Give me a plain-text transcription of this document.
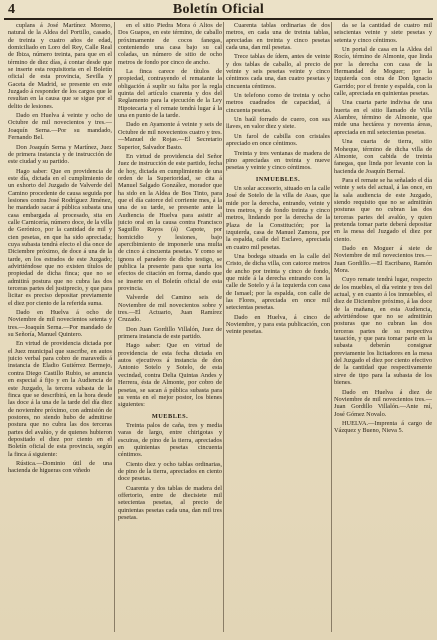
4	Boletín Oficial

cuplans á José Martínez Moreno, natural de la Aldea del Portillo, casado, de treinta y cuatro años de edad, domiciliado en Loro del Rey, Calle Real de Ibiza, número treinta, para que en el término de diez días, á contar desde que se inserte esta requisitoria en el Boletín oficial de esta provincia, Sevilla y Gaceta de Madrid, se presente en este Juzgado á responder de los cargos que le resultan en la causa que se sigue por el delito de lesiones.

Dado en Huelva á veinte y ocho de Octubre de mil novecientos y tres.—Joaquín Serna.—Por su mandado, Fernando Bel.

Don Joaquín Serna y Martínez, Juez de primera instancia y de instrucción de este ciudad y su partido.

Hago saber: Que en providencia de este día, dictada en el cumplimiento de un exhorto del Juzgado de Valverde del Camino procedente de causa seguida por lesiones contra José Rodríguez Jiménez, he mandado sacar á pública subasta una casa embargada al procesado, sita en calle Carnicería, número doce, de la villa de Gerónico, por la cantidad de mil y cien pesetas, en que ha sido apreciada; cuya subasta tendrá efecto el día once de Diciembre próximo, de doce á una de la tarde, en los estrados de este Juzgado; advirtiéndose que no existen títulos de propiedad de dicha finca; que no se admitirá postura que no cubra las dos terceras partes del justiprecio, y que para licitar es preciso depositar previamente el diez por ciento de la referida suma.

Dado en Huelva á ocho de Noviembre de mil novecientos setenta y tres.—Joaquín Serna.—Por mandado de su Señoría, Manuel Quintero.

En virtud de providencia dictada por el Juez municipal que suscribe, en autos juicio verbal para cobro de maravedís á instancia de Eladio Gutiérrez Bermejo, contra Diego Castillo Rubio, se anuncia en especial á fijo y en la Audiencia de este Juzgado, la tercera subasta de la finca que se describirá, en la hora desde las doce á la una de la tarde del día diez de noviembre próximo, con admisión de postores, no siendo hubo de admitirse postura que no cubra las dos terceras partes del avalúo, y de quienes hubieron depositado el diez por ciento en el Boletín oficial de esta provincia, según la finca á siguiente:

Rústica.—Dominio útil de una hacienda de higueras con viñedo

en el sitio Piedra Mora ó Altos de Dos Guapos, en este término, de caballo próximamente de cocos fanegas, conteniendo una casa bajo su cal coladas, un número de sitio de ocho metros de fondo por cinco de ancho.

La finca carece de títulos de propiedad, contrayendo el rematante la obligación á suplir su falta por la regla quinta del artículo cuarenta y dos del Reglamento para la ejecución de la Ley Hipotecaria y el remate tendrá lugar á la una en punto de la tarde.

Dado en Ayamonte á veinte y seis de Octubre de mil novecientos cuatro y tres.—Manuel de Rojas.—El Secretario Superior, Salvador Basto.

En virtud de providencia del Señor Juez de instrucción de este partido, fecha de hoy, dictada en cumplimiento de una orden de la Superioridad, se cita á Manuel Salgado González, morador que ha sido en la Aldea de Bos Tinto, para que el día catorce del corriente mes, á la una de su tarde, se presente ante la Audiencia de Huelva para asistir al juicio oral en la causa contra Francisco Saguillo Rayos (á) Capote, por homicidio y lesiones, bajo apercibimiento de imponerle una multa de cinco á cincuenta pesetas. Y como se ignora el paradero de dicho testigo, se publica la presente para que surta los efectos de citación en forma, dando que se inserte en el Boletín oficial de esta provincia.

Valverde del Camino seis de Noviembre de mil novecientos sobre y tres.—El Actuario, Juan Ramírez Cruzado.

Don Juan Gordillo Villalón, Juez de primera instancia de este partido.

Hago saber: Que en virtud de providencia de esta fecha dictada en autos ejecutivos á instancia de don Antonio Sotelo y Sotelo, de esta vecindad, contra Delia Quintas Andes y Herrera, ésta de Almonte, por cobro de pesetas, se sacan á pública subasta para su venta en el mejor postor, los bienes siguientes:

MUEBLES.

Treinta palos de caña, tres y media varas de largo, entre chirigotas y escuiras, de pino de la tierra, apreciados en quinientas pesetas cincuenta céntimos.

Ciento diez y ocho tablas ordinarias, de pino de la tierra, apreciados en ciento doce pesetas.

Cuarenta y dos tablas de madera del offertorio, entre de diecisiete mil setecientas pesetas, al precio de quinientas pesetas cada una, dan mil tres pesetas.

Cuarenta tablas ordinarias de dos metros, en cada una de treinta tablas, apreciadas en treinta y cinco pesetas cada una, dan mil pesetas.

Trece tablas de ídem, antes de veinte y dos tablas de caballo, al precio de veinte y seis pesetas veinte y cinco céntimos cada una, dan cuatro pesetas y cincuenta céntimos.

Un telefono como de treinta y ocho metros cuadrados de capacidad, á cincuenta pesetas.

Un baúl forrado de cuero, con sus llaves, en valor diez y siete.

Un farol de cabilla con cristales apreciado en once céntimos.

Treinta y tres ventanas de madera de pino apreciadas en treinta y nueve pesetas y veinte y cinco céntimos.

INMUEBLES.

Un solar accesorio, situado en la calle José de Sotelo de la villa de Asas, que mide por la derecha, entrando, veinte y tres metros, y de fondo treinta y cinco metros, lindando por la derecha de la Plaza de la Constitución; por la izquierda, casa de Manuel Zamora, por la espalda, calle del Esclavo, apreciada en cuatro mil pesetas.

Una bodega situada en la calle del Cristo, de dicha villa, con catorce metros de ancho por treinta y cinco de fondo, que mide á la derecha entrando con la calle de Sotelo y á la izquierda con casa de Ismael; por la espalda, con calle de las Flores, apreciada en once mil setecientas pesetas.

Dado en Huelva, á cinco de Noviembre, y para esta publicación, con veinte pesetas.

da se la cantidad de cuatro mil seiscientas veinte y siete pesetas y setenta y cinco céntimos.

Un portal de casa en la Aldea del Rocío, término de Almonte, que linda por la derecha con casa de la Hermandad de Moguer; por la izquierda con otra de Don Ignacio Garrido; por el frente y espalda, con la calle, apreciada en quinientas pesetas.

Una cuarta parte indivisa de una huerta en el sitio llamado de Villa Alambre, término de Almonte, que mide una hectárea y noventa áreas, apreciada en mil setecientas pesetas.

Una cuarta de tierra, sitio Moheque, término de dicha villa de Almonte, con cabida de treinta fanegas, que linda por levante con la hacienda de Joaquín Bernal.

Para el remate se ha señalado el día veinte y seis del actual, á las once, en la sala audiencia de este Juzgado, siendo requisito que no se admitirán posturas que no cubran las dos terceras partes del avalúo, y quien pretenda tomar parte deberá depositar en la mesa del Juzgado el diez por ciento.

Dado en Moguer á siete de Noviembre de mil novecientos tres.—Juan Gordillo.—El Escribano, Ramón Mora.

Cuyo remate tendrá lugar, respecto de los muebles, el día veinte y tres del actual, y en cuanto á los inmuebles, el diez de Diciembre próximo, á las doce de la mañana, en esta Audiencia, advirtiéndose que no se admitirán posturas que no cubran las dos terceras partes de su respectiva tasación, y que para tomar parte en la subasta deberán consignar previamente los licitadores en la mesa del Juzgado el diez por ciento efectivo de la cantidad que respectivamente sirve de tipo para la subasta de los bienes.

Dado en Huelva á diez de Noviembre de mil novecientos tres.—Juan Gordillo Villalón.—Ante mí, José Gómez Novalo.

HUELVA.—Imprenta á cargo de Vázquez y Bueno, Nieva 5.
